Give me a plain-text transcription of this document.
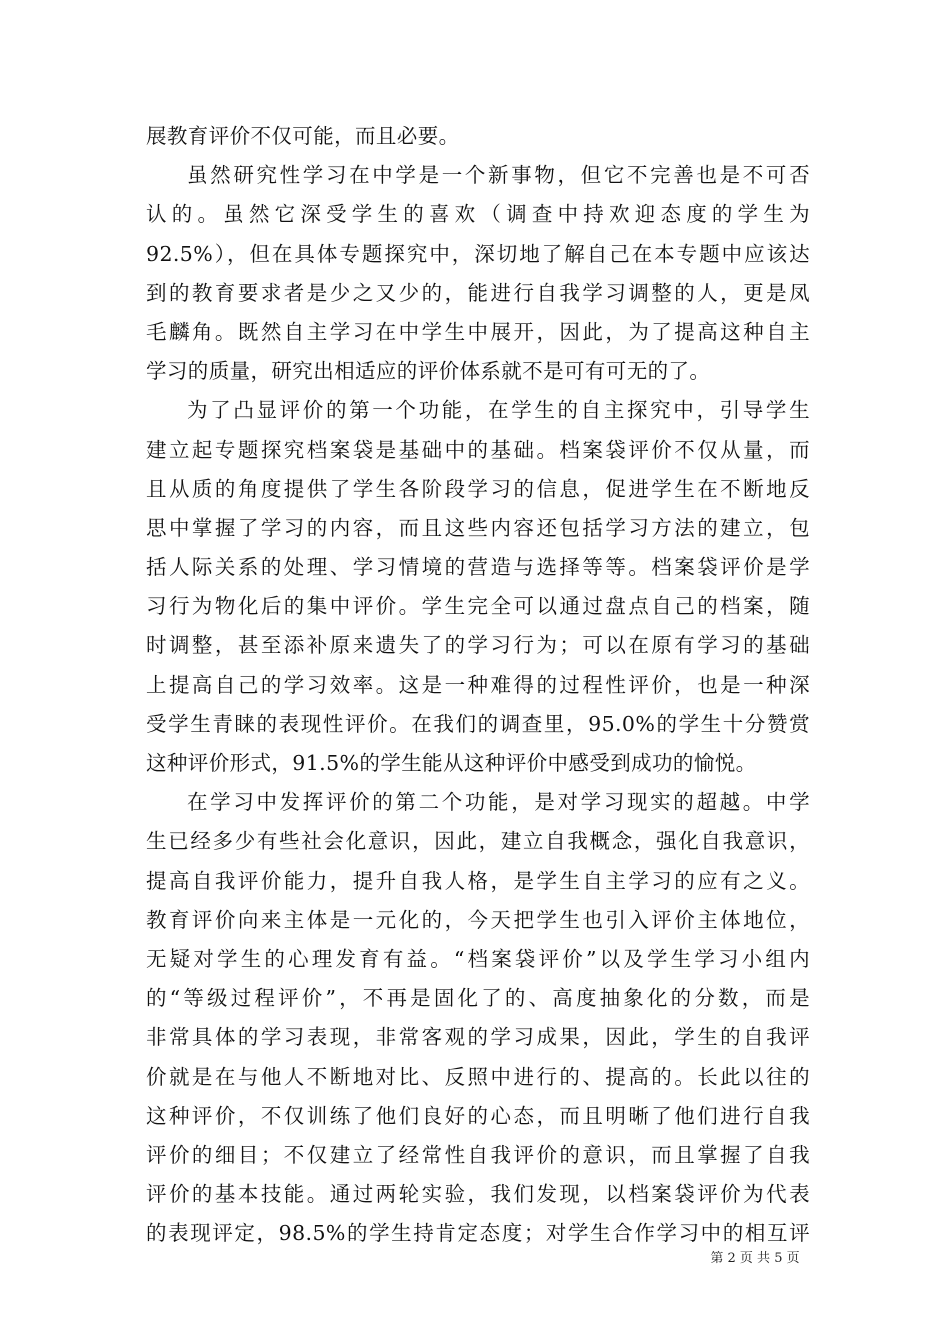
展教育评价不仅可能，而且必要。
虽然研究性学习在中学是一个新事物，但它不完善也是不可否
认的。虽然它深受学生的喜欢（调查中持欢迎态度的学生为
92.5%），但在具体专题探究中，深切地了解自己在本专题中应该达
到的教育要求者是少之又少的，能进行自我学习调整的人，更是凤
毛麟角。既然自主学习在中学生中展开，因此，为了提高这种自主
学习的质量，研究出相适应的评价体系就不是可有可无的了。
为了凸显评价的第一个功能，在学生的自主探究中，引导学生
建立起专题探究档案袋是基础中的基础。档案袋评价不仅从量，而
且从质的角度提供了学生各阶段学习的信息，促进学生在不断地反
思中掌握了学习的内容，而且这些内容还包括学习方法的建立，包
括人际关系的处理、学习情境的营造与选择等等。档案袋评价是学
习行为物化后的集中评价。学生完全可以通过盘点自己的档案，随
时调整，甚至添补原来遗失了的学习行为；可以在原有学习的基础
上提高自己的学习效率。这是一种难得的过程性评价，也是一种深
受学生青睐的表现性评价。在我们的调查里，95.0%的学生十分赞赏
这种评价形式，91.5%的学生能从这种评价中感受到成功的愉悦。
在学习中发挥评价的第二个功能，是对学习现实的超越。中学
生已经多少有些社会化意识，因此，建立自我概念，强化自我意识，
提高自我评价能力，提升自我人格，是学生自主学习的应有之义。
教育评价向来主体是一元化的，今天把学生也引入评价主体地位，
无疑对学生的心理发育有益。“档案袋评价”以及学生学习小组内
的“等级过程评价”，不再是固化了的、高度抽象化的分数，而是
非常具体的学习表现，非常客观的学习成果，因此，学生的自我评
价就是在与他人不断地对比、反照中进行的、提高的。长此以往的
这种评价，不仅训练了他们良好的心态，而且明晰了他们进行自我
评价的细目；不仅建立了经常性自我评价的意识，而且掌握了自我
评价的基本技能。通过两轮实验，我们发现，以档案袋评价为代表
的表现评定，98.5%的学生持肯定态度；对学生合作学习中的相互评
第 2 页 共 5 页
